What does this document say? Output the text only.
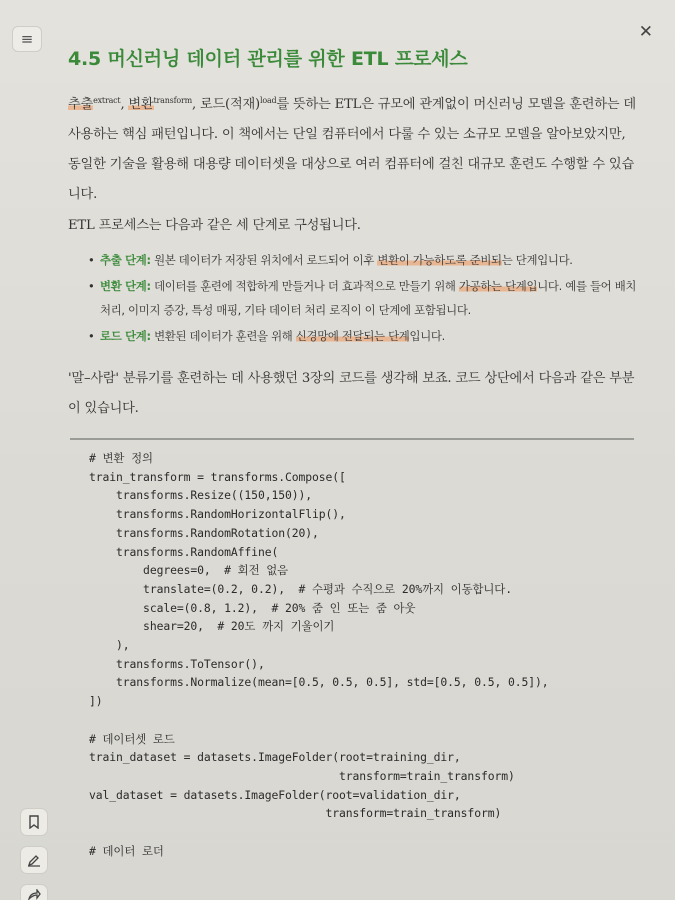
≡	✕
4.5 머신러닝 데이터 관리를 위한 ETL 프로세스

추출$^{extract}$, 변환$^{transform}$, 로드(적재)$^{load}$를 뜻하는 ETL은 규모에 관계없이 머신러닝 모델을 훈련하는 데 사용하는 핵심 패턴입니다. 이 책에서는 단일 컴퓨터에서 다룰 수 있는 소규모 모델을 알아보았지만, 동일한 기술을 활용해 대용량 데이터셋을 대상으로 여러 컴퓨터에 걸친 대규모 훈련도 수행할 수 있습니다.

ETL 프로세스는 다음과 같은 세 단계로 구성됩니다.

• 추출 단계: 원본 데이터가 저장된 위치에서 로드되어 이후 변환이 가능하도록 준비되는 단계입니다.
• 변환 단계: 데이터를 훈련에 적합하게 만들거나 더 효과적으로 만들기 위해 가공하는 단계입니다. 예를 들어 배치 처리, 이미지 증강, 특성 매핑, 기타 데이터 처리 로직이 이 단계에 포함됩니다.
• 로드 단계: 변환된 데이터가 훈련을 위해 신경망에 전달되는 단계입니다.

'말–사람' 분류기를 훈련하는 데 사용했던 3장의 코드를 생각해 보죠. 코드 상단에서 다음과 같은 부분이 있습니다.

# 변환 정의
train_transform = transforms.Compose([
transforms.Resize((150,150)),
transforms.RandomHorizontalFlip(),
transforms.RandomRotation(20),
transforms.RandomAffine(
degrees=0,  # 회전 없음
translate=(0.2, 0.2),  # 수평과 수직으로 20%까지 이동합니다.
scale=(0.8, 1.2),  # 20% 줌 인 또는 줌 아웃
shear=20,  # 20도 까지 기울이기
),
transforms.ToTensor(),
transforms.Normalize(mean=[0.5, 0.5, 0.5], std=[0.5, 0.5, 0.5]),
])

# 데이터셋 로드
train_dataset = datasets.ImageFolder(root=training_dir,
transform=train_transform)
val_dataset = datasets.ImageFolder(root=validation_dir,
transform=train_transform)

# 데이터 로더
